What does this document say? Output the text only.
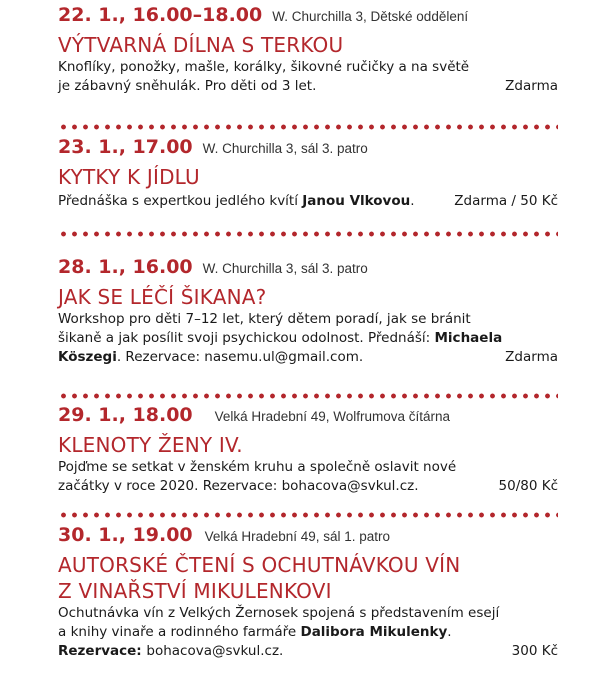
22. 1., 16.00–18.00 W. Churchilla 3, Dětské oddělení
VÝTVARNÁ DÍLNA S TERKOU
Knoflíky, ponožky, mašle, korálky, šikovné ručičky a na světě
je zábavný sněhulák. Pro děti od 3 let.	Zdarma
23. 1., 17.00 W. Churchilla 3, sál 3. patro
KYTKY K JÍDLU
Přednáška s expertkou jedlého kvítí Janou Vlkovou.	Zdarma / 50 Kč
28. 1., 16.00 W. Churchilla 3, sál 3. patro
JAK SE LÉČÍ ŠIKANA?
Workshop pro děti 7–12 let, který dětem poradí, jak se bránit
šikaně a jak posílit svoji psychickou odolnost. Přednáší: Michaela
Köszegi. Rezervace: nasemu.ul@gmail.com.	Zdarma
29. 1., 18.00 Velká Hradební 49, Wolfrumova čítárna
KLENOTY ŽENY IV.
Pojďme se setkat v ženském kruhu a společně oslavit nové
začátky v roce 2020. Rezervace: bohacova@svkul.cz.	50/80 Kč
30. 1., 19.00 Velká Hradební 49, sál 1. patro
AUTORSKÉ ČTENÍ S OCHUTNÁVKOU VÍN
Z VINAŘSTVÍ MIKULENKOVI
Ochutnávka vín z Velkých Žernosek spojená s představením esejí
a knihy vinaře a rodinného farmáře Dalibora Mikulenky.
Rezervace: bohacova@svkul.cz.	300 Kč
